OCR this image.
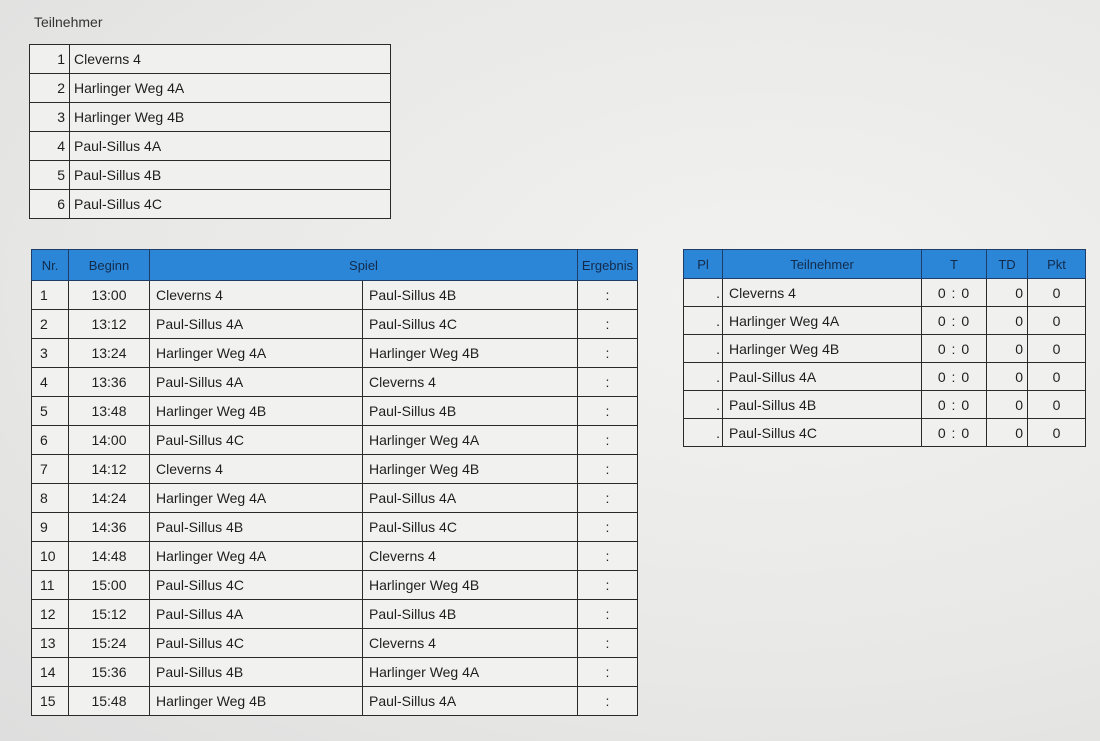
Teilnehmer
1	Cleverns 4
2	Harlinger Weg 4A
3	Harlinger Weg 4B
4	Paul-Sillus 4A
5	Paul-Sillus 4B
6	Paul-Sillus 4C
Nr.	Beginn	Spiel		Ergebnis
1	13:00	Cleverns 4	Paul-Sillus 4B	:
2	13:12	Paul-Sillus 4A	Paul-Sillus 4C	:
3	13:24	Harlinger Weg 4A	Harlinger Weg 4B	:
4	13:36	Paul-Sillus 4A	Cleverns 4	:
5	13:48	Harlinger Weg 4B	Paul-Sillus 4B	:
6	14:00	Paul-Sillus 4C	Harlinger Weg 4A	:
7	14:12	Cleverns 4	Harlinger Weg 4B	:
8	14:24	Harlinger Weg 4A	Paul-Sillus 4A	:
9	14:36	Paul-Sillus 4B	Paul-Sillus 4C	:
10	14:48	Harlinger Weg 4A	Cleverns 4	:
11	15:00	Paul-Sillus 4C	Harlinger Weg 4B	:
12	15:12	Paul-Sillus 4A	Paul-Sillus 4B	:
13	15:24	Paul-Sillus 4C	Cleverns 4	:
14	15:36	Paul-Sillus 4B	Harlinger Weg 4A	:
15	15:48	Harlinger Weg 4B	Paul-Sillus 4A	:
Pl	Teilnehmer	T	TD	Pkt
.	Cleverns 4	0 : 0	0	0
.	Harlinger Weg 4A	0 : 0	0	0
.	Harlinger Weg 4B	0 : 0	0	0
.	Paul-Sillus 4A	0 : 0	0	0
.	Paul-Sillus 4B	0 : 0	0	0
.	Paul-Sillus 4C	0 : 0	0	0
